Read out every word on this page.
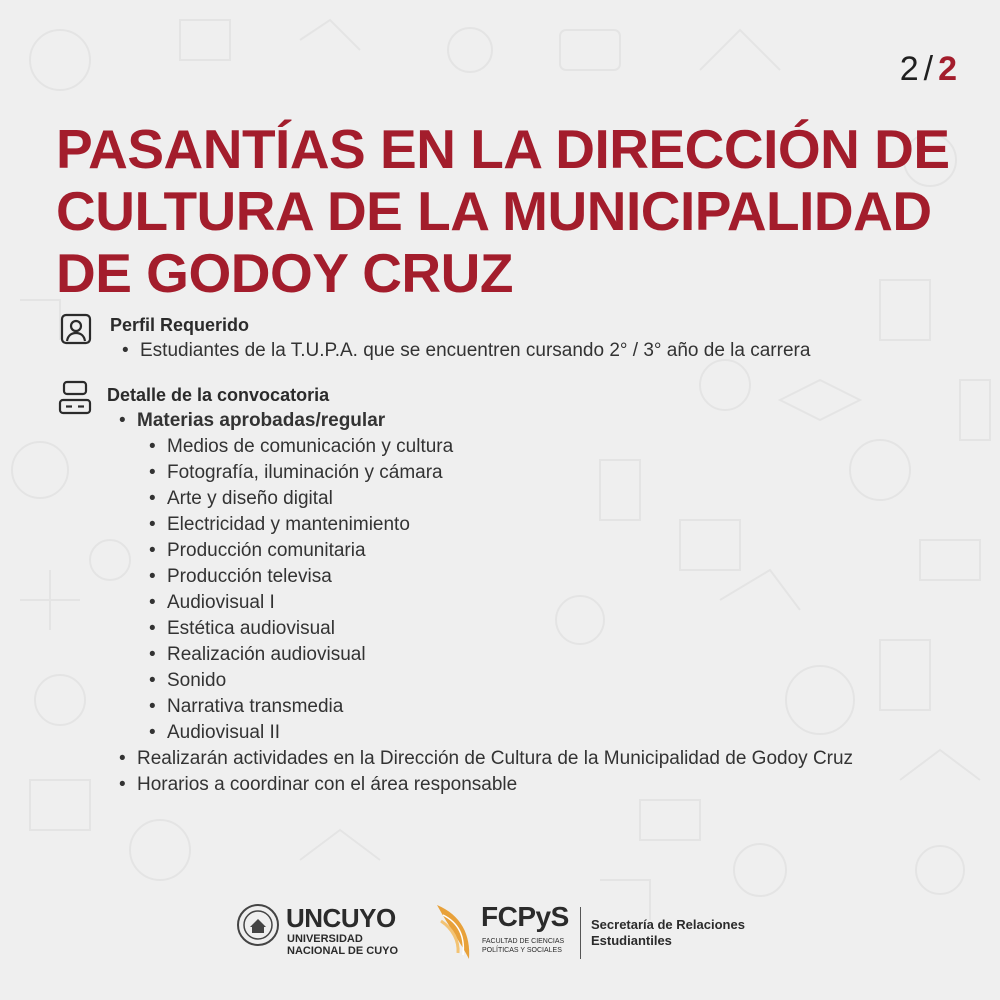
2 / 2
PASANTÍAS EN LA DIRECCIÓN DE CULTURA DE LA MUNICIPALIDAD DE GODOY CRUZ
Perfil Requerido
• Estudiantes de la T.U.P.A. que se encuentren cursando 2° / 3° año de la carrera
Detalle de la convocatoria
• Materias aprobadas/regular
• Medios de comunicación y cultura
• Fotografía, iluminación y cámara
• Arte y diseño digital
• Electricidad y mantenimiento
• Producción comunitaria
• Producción televisa
• Audiovisual I
• Estética audiovisual
• Realización audiovisual
• Sonido
• Narrativa transmedia
• Audiovisual II
• Realizarán actividades en la Dirección de Cultura de la Municipalidad de Godoy Cruz
• Horarios a coordinar con el área responsable
UNCUYO
UNIVERSIDAD NACIONAL DE CUYO
FCPyS
FACULTAD DE CIENCIAS POLÍTICAS Y SOCIALES
Secretaría de Relaciones Estudiantiles
